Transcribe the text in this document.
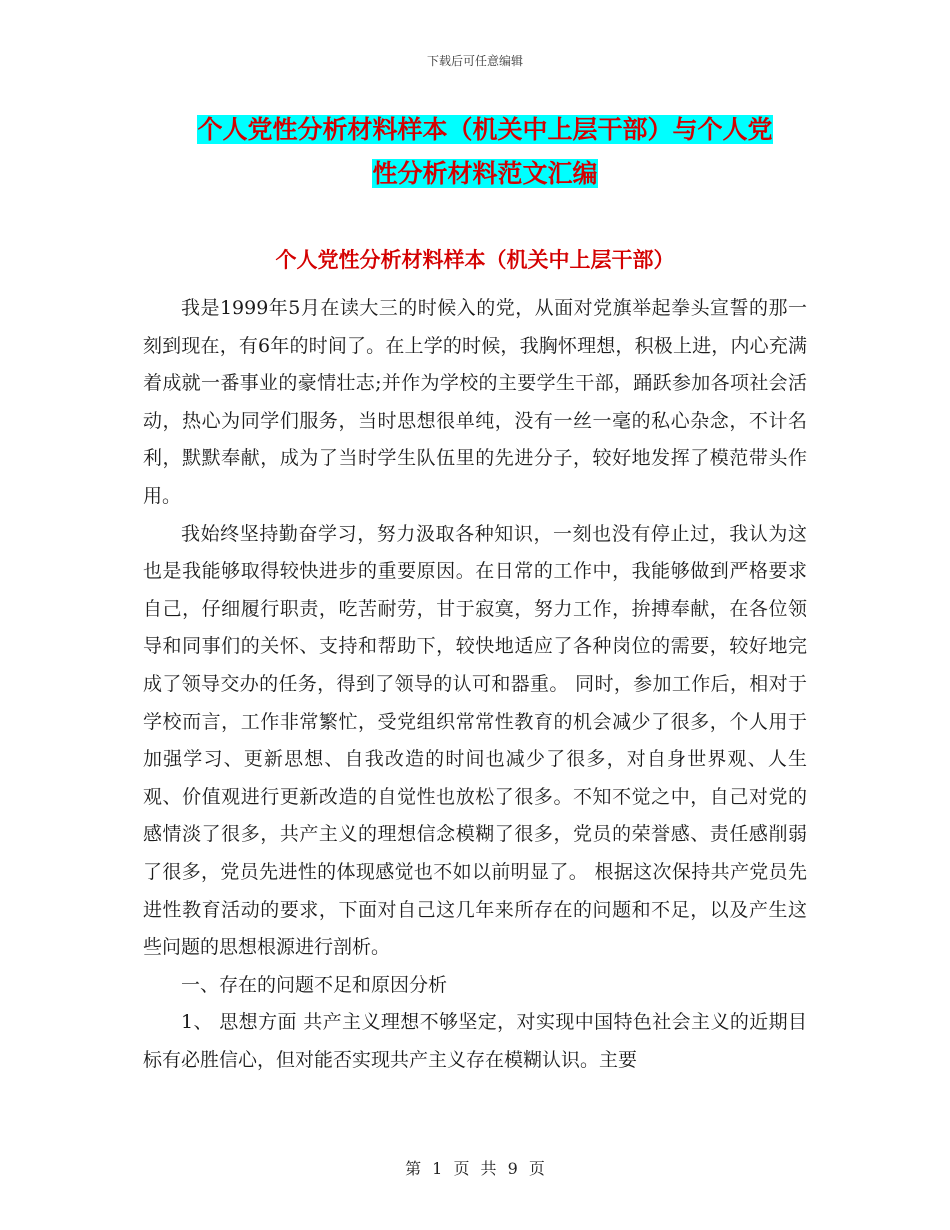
下载后可任意编辑
个人党性分析材料样本（机关中上层干部）与个人党
性分析材料范文汇编
个人党性分析材料样本（机关中上层干部）

我是1999年5月在读大三的时候入的党，从面对党旗举起拳头宣誓的那一刻到现在，有6年的时间了。在上学的时候，我胸怀理想，积极上进，内心充满着成就一番事业的豪情壮志;并作为学校的主要学生干部，踊跃参加各项社会活动，热心为同学们服务，当时思想很单纯，没有一丝一毫的私心杂念，不计名利，默默奉献，成为了当时学生队伍里的先进分子，较好地发挥了模范带头作用。

我始终坚持勤奋学习，努力汲取各种知识，一刻也没有停止过，我认为这也是我能够取得较快进步的重要原因。在日常的工作中，我能够做到严格要求自己，仔细履行职责，吃苦耐劳，甘于寂寞，努力工作，拚搏奉献，在各位领导和同事们的关怀、支持和帮助下，较快地适应了各种岗位的需要，较好地完成了领导交办的任务，得到了领导的认可和器重。 同时，参加工作后，相对于学校而言，工作非常繁忙，受党组织常常性教育的机会减少了很多，个人用于加强学习、更新思想、自我改造的时间也减少了很多，对自身世界观、人生观、价值观进行更新改造的自觉性也放松了很多。不知不觉之中，自己对党的感情淡了很多，共产主义的理想信念模糊了很多，党员的荣誉感、责任感削弱了很多，党员先进性的体现感觉也不如以前明显了。 根据这次保持共产党员先进性教育活动的要求，下面对自己这几年来所存在的问题和不足，以及产生这些问题的思想根源进行剖析。

一、存在的问题不足和原因分析

1、 思想方面 共产主义理想不够坚定，对实现中国特色社会主义的近期目标有必胜信心，但对能否实现共产主义存在模糊认识。主要

第 1 页 共 9 页
